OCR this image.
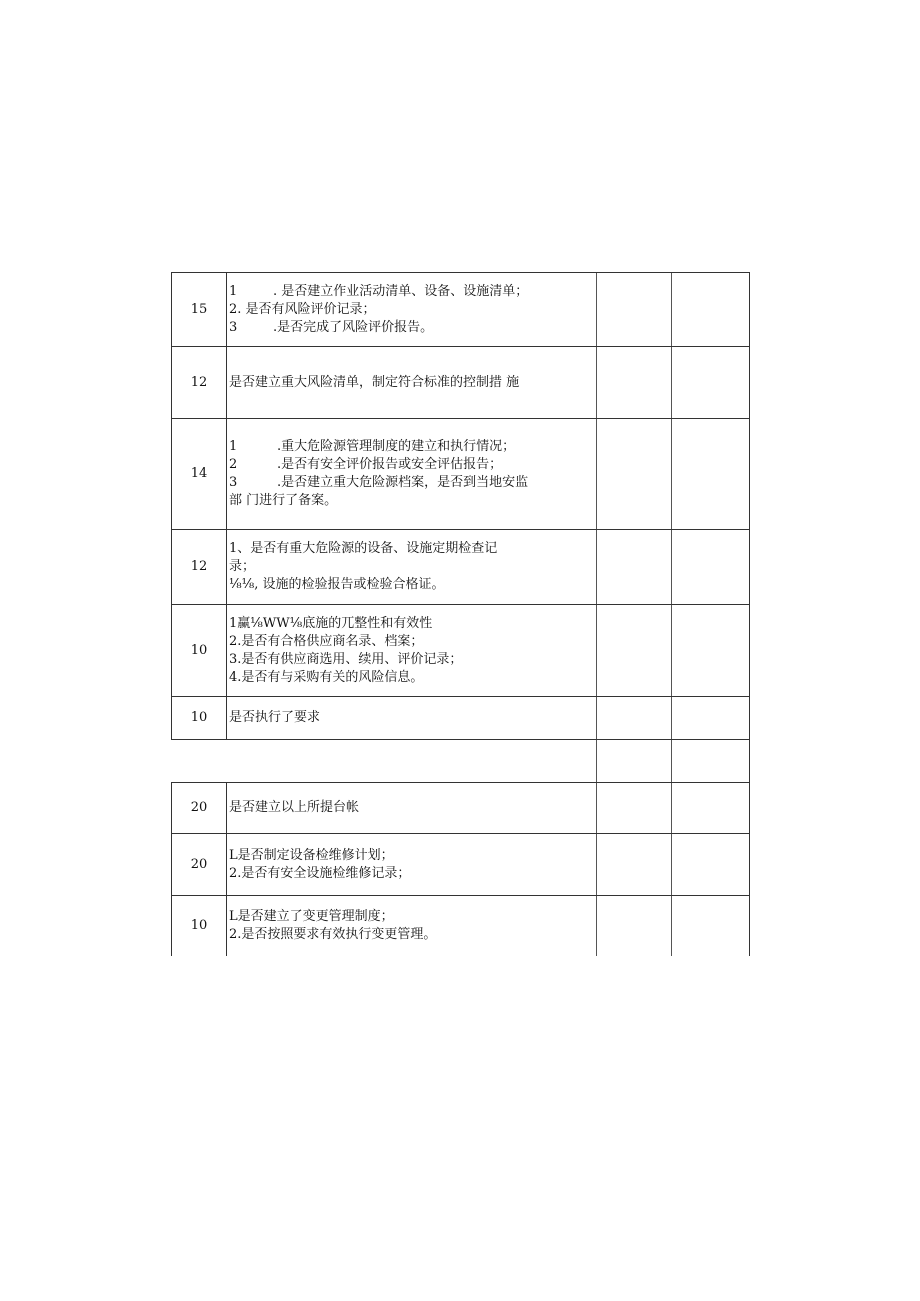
15	1 . 是否建立作业活动清单、设备、设施清单；
2. 是否有风险评价记录；
3 .是否完成了风险评价报告。		

12	是否建立重大风险清单，制定符合标准的控制措 施		

14	1 .重大危险源管理制度的建立和执行情况；
2 .是否有安全评价报告或安全评估报告；
3 .是否建立重大危险源档案，是否到当地安监
部 门进行了备案。		

12	1、是否有重大危险源的设备、设施定期检查记
录；
⅛⅛, 设施的检验报告或检验合格证。		

10	1赢⅛WW⅛底施的兀整性和有效性
2.是否有合格供应商名录、档案；
3.是否有供应商选用、续用、评价记录；
4.是否有与采购有关的风险信息。		

10	是否执行了要求		

20	是否建立以上所提台帐		

20	L是否制定设备检维修计划；
2.是否有安全设施检维修记录；		

10	L是否建立了变更管理制度；
2.是否按照要求有效执行变更管理。		
